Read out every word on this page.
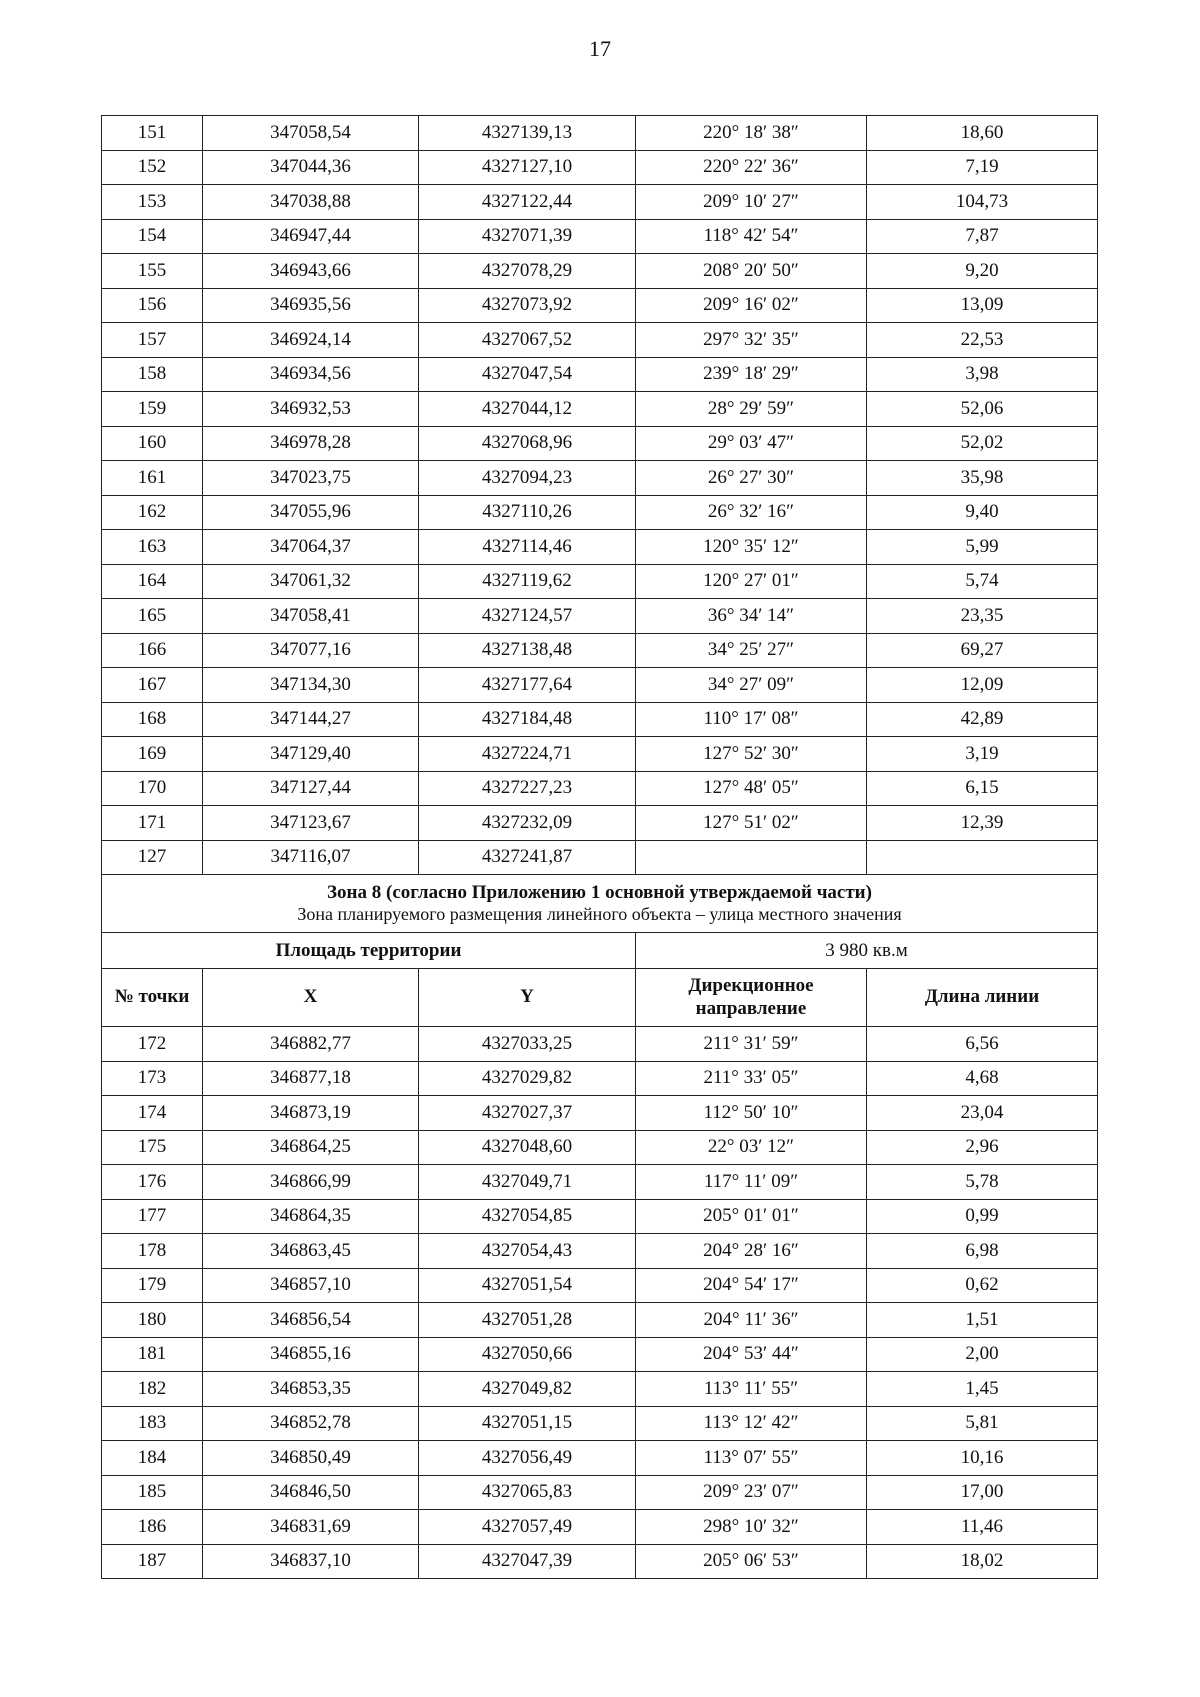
17
151	347058,54	4327139,13	220° 18′ 38″	18,60
152	347044,36	4327127,10	220° 22′ 36″	7,19
153	347038,88	4327122,44	209° 10′ 27″	104,73
154	346947,44	4327071,39	118° 42′ 54″	7,87
155	346943,66	4327078,29	208° 20′ 50″	9,20
156	346935,56	4327073,92	209° 16′ 02″	13,09
157	346924,14	4327067,52	297° 32′ 35″	22,53
158	346934,56	4327047,54	239° 18′ 29″	3,98
159	346932,53	4327044,12	28° 29′ 59″	52,06
160	346978,28	4327068,96	29° 03′ 47″	52,02
161	347023,75	4327094,23	26° 27′ 30″	35,98
162	347055,96	4327110,26	26° 32′ 16″	9,40
163	347064,37	4327114,46	120° 35′ 12″	5,99
164	347061,32	4327119,62	120° 27′ 01″	5,74
165	347058,41	4327124,57	36° 34′ 14″	23,35
166	347077,16	4327138,48	34° 25′ 27″	69,27
167	347134,30	4327177,64	34° 27′ 09″	12,09
168	347144,27	4327184,48	110° 17′ 08″	42,89
169	347129,40	4327224,71	127° 52′ 30″	3,19
170	347127,44	4327227,23	127° 48′ 05″	6,15
171	347123,67	4327232,09	127° 51′ 02″	12,39
127	347116,07	4327241,87		

Зона 8 (согласно Приложению 1 основной утверждаемой части)
Зона планируемого размещения линейного объекта – улица местного значения				

Площадь территории			3 980 кв.м	
№ точки	X	Y	Дирекционное направление	Длина линии
172	346882,77	4327033,25	211° 31′ 59″	6,56
173	346877,18	4327029,82	211° 33′ 05″	4,68
174	346873,19	4327027,37	112° 50′ 10″	23,04
175	346864,25	4327048,60	22° 03′ 12″	2,96
176	346866,99	4327049,71	117° 11′ 09″	5,78
177	346864,35	4327054,85	205° 01′ 01″	0,99
178	346863,45	4327054,43	204° 28′ 16″	6,98
179	346857,10	4327051,54	204° 54′ 17″	0,62
180	346856,54	4327051,28	204° 11′ 36″	1,51
181	346855,16	4327050,66	204° 53′ 44″	2,00
182	346853,35	4327049,82	113° 11′ 55″	1,45
183	346852,78	4327051,15	113° 12′ 42″	5,81
184	346850,49	4327056,49	113° 07′ 55″	10,16
185	346846,50	4327065,83	209° 23′ 07″	17,00
186	346831,69	4327057,49	298° 10′ 32″	11,46
187	346837,10	4327047,39	205° 06′ 53″	18,02
